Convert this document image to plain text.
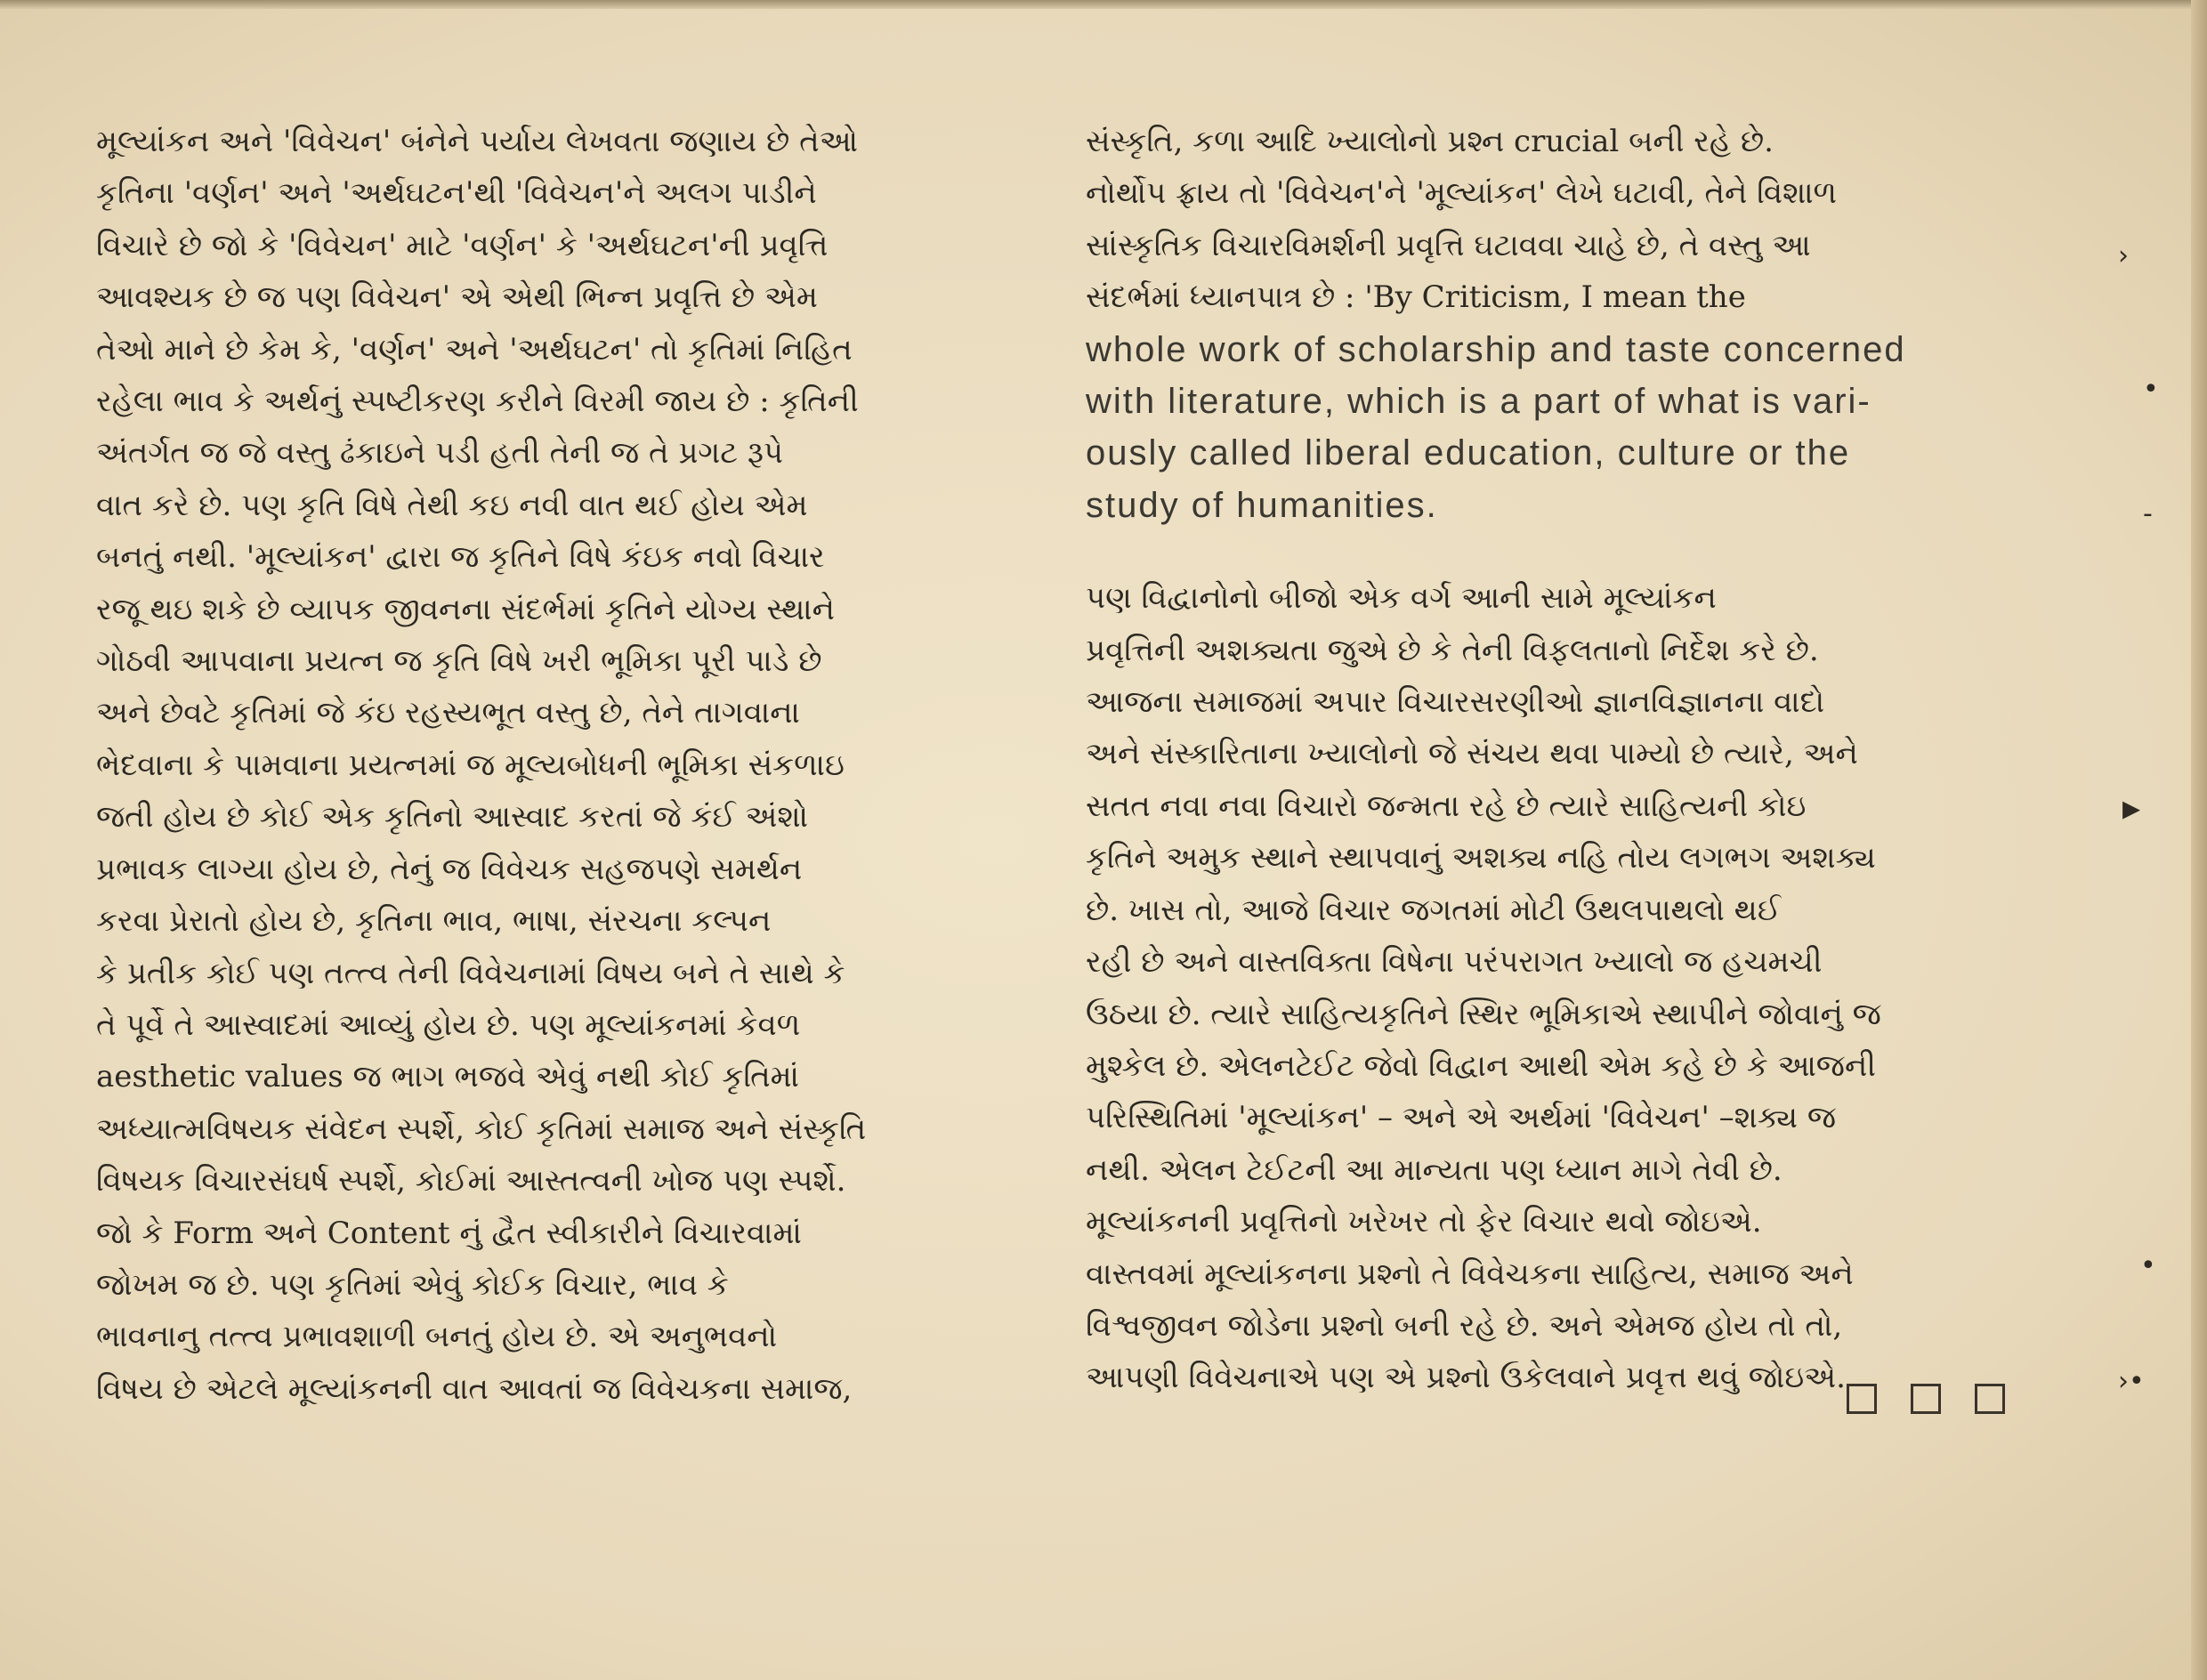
મૂલ્યાંકન અને 'વિવેચન' બંનેને પર્યાય લેખવતા જણાય છે તેઓ
કૃતિના 'વર્ણન' અને 'અર્થઘટન'થી 'વિવેચન'ને અલગ પાડીને
વિચારે છે જો કે 'વિવેચન' માટે 'વર્ણન' કે 'અર્થઘટન'ની પ્રવૃત્તિ
આવશ્યક છે જ પણ વિવેચન' એ એથી ભિન્ન પ્રવૃત્તિ છે એમ
તેઓ માને છે કેમ કે, 'વર્ણન' અને 'અર્થઘટન' તો કૃતિમાં નિહિત
રહેલા ભાવ કે અર્થનું સ્પષ્ટીકરણ કરીને વિરમી જાય છે : કૃતિની
અંતર્ગત જ જે વસ્તુ ઢંકાઇને પડી હતી તેની જ તે પ્રગટ રૂપે
વાત કરે છે. પણ કૃતિ વિષે તેથી કઇ નવી વાત થઈ હોય એમ
બનતું નથી. 'મૂલ્યાંકન' દ્વારા જ કૃતિને વિષે કંઇક નવો વિચાર
રજૂ થઇ શકે છે વ્યાપક જીવનના સંદર્ભમાં કૃતિને યોગ્ય સ્થાને
ગોઠવી આપવાના પ્રયત્ન જ કૃતિ વિષે ખરી ભૂમિકા પૂરી પાડે છે
અને છેવટે કૃતિમાં જે કંઇ રહસ્યભૂત વસ્તુ છે, તેને તાગવાના
ભેદવાના કે પામવાના પ્રયત્નમાં જ મૂલ્યબોધની ભૂમિકા સંકળાઇ
જતી હોય છે કોઈ એક કૃતિનો આસ્વાદ કરતાં જે કંઈ અંશો
પ્રભાવક લાગ્યા હોય છે, તેનું જ વિવેચક સહજપણે સમર્થન
કરવા પ્રેરાતો હોય છે, કૃતિના ભાવ, ભાષા, સંરચના કલ્પન
કે પ્રતીક કોઈ પણ તત્ત્વ તેની વિવેચનામાં વિષય બને તે સાથે કે
તે પૂર્વે તે આસ્વાદમાં આવ્યું હોય છે. પણ મૂલ્યાંકનમાં કેવળ
aesthetic values જ ભાગ ભજવે એવું નથી કોઈ કૃતિમાં
અધ્યાત્મવિષયક સંવેદન સ્પર્શે, કોઈ કૃતિમાં સમાજ અને સંસ્કૃતિ
વિષયક વિચારસંઘર્ષ સ્પર્શે, કોઈમાં આસ્તત્વની ખોજ પણ સ્પર્શે.
જો કે Form અને Content નું દ્વૈત સ્વીકારીને વિચારવામાં
જોખમ જ છે. પણ કૃતિમાં એવું કોઈક વિચાર, ભાવ કે
ભાવનાનુ તત્ત્વ પ્રભાવશાળી બનતું હોય છે. એ અનુભવનો
વિષય છે એટલે મૂલ્યાંકનની વાત આવતાં જ વિવેચકના સમાજ,
સંસ્કૃતિ, કળા આદિ ખ્યાલોનો પ્રશ્ન crucial બની રહે છે.
નોર્થોપ ફ્રાય તો 'વિવેચન'ને 'મૂલ્યાંકન' લેખે ઘટાવી, તેને વિશાળ
સાંસ્કૃતિક વિચારવિમર્શની પ્રવૃત્તિ ઘટાવવા ચાહે છે, તે વસ્તુ આ
સંદર્ભમાં ધ્યાનપાત્ર છે : 'By Criticism, I mean the
whole work of scholarship and taste concerned
with literature, which is a part of what is vari-
ously called liberal education, culture or the
study of humanities.
પણ વિદ્વાનોનો બીજો એક વર્ગ આની સામે મૂલ્યાંકન
પ્રવૃત્તિની અશક્યતા જુએ છે કે તેની વિફલતાનો નિર્દેશ કરે છે.
આજના સમાજમાં અપાર વિચારસરણીઓ જ્ઞાનવિજ્ઞાનના વાદો
અને સંસ્કારિતાના ખ્યાલોનો જે સંચય થવા પામ્યો છે ત્યારે, અને
સતત નવા નવા વિચારો જન્મતા રહે છે ત્યારે સાહિત્યની કોઇ
કૃતિને અમુક સ્થાને સ્થાપવાનું અશક્ય નહિ તોય લગભગ અશક્ય
છે. ખાસ તો, આજે વિચાર જગતમાં મોટી ઉથલપાથલો થઈ
રહી છે અને વાસ્તવિક્તા વિષેના પરંપરાગત ખ્યાલો જ હચમચી
ઉઠયા છે. ત્યારે સાહિત્યકૃતિને સ્થિર ભૂમિકાએ સ્થાપીને જોવાનું જ
મુશ્કેલ છે. એલનટેઈટ જેવો વિદ્વાન આથી એમ કહે છે કે આજની
પરિસ્થિતિમાં 'મૂલ્યાંકન' – અને એ અર્થમાં 'વિવેચન' –શક્ય જ
નથી. એલન ટેઈટની આ માન્યતા પણ ધ્યાન માગે તેવી છે.
મૂલ્યાંકનની પ્રવૃત્તિનો ખરેખર તો ફેર વિચાર થવો જોઇએ.
વાસ્તવમાં મૂલ્યાંકનના પ્રશ્નો તે વિવેચકના સાહિત્ય, સમાજ અને
વિશ્વજીવન જોડેના પ્રશ્નો બની રહે છે. અને એમજ હોય તો તો,
આપણી વિવેચનાએ પણ એ પ્રશ્નો ઉકેલવાને પ્રવૃત્ત થવું જોઇએ.
›
•
-
▸
•
›•
